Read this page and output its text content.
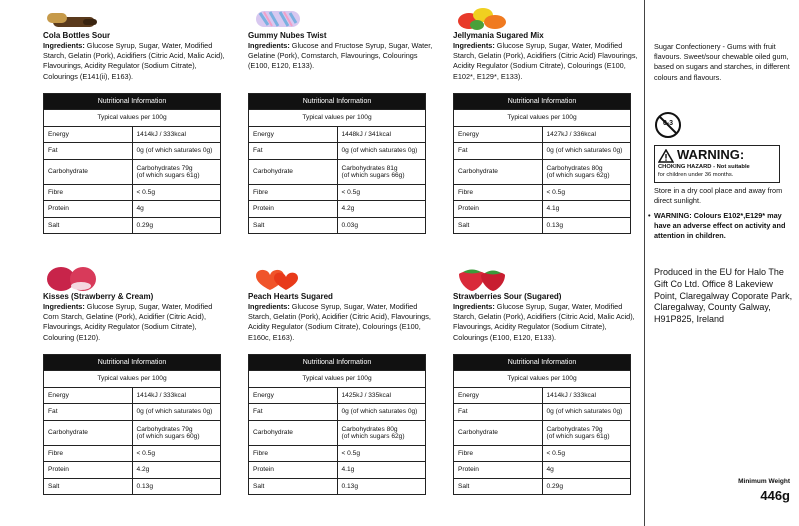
Cola Bottles Sour
Ingredients: Glucose Syrup, Sugar, Water, Modified Starch, Gelatin (Pork), Acidifiers (Citric Acid, Malic Acid), Flavourings, Acidity Regulator (Sodium Citrate), Colourings (E141(ii), E163).
Nutritional Information	
Typical values per 100g	
Energy	1414kJ / 333kcal
Fat	0g (of which saturates 0g)
Carbohydrate	Carbohydrates 79g
(of which sugars 61g)

Fibre	< 0.5g
Protein	4g
Salt	0.29g
Gummy Nubes Twist
Ingredients: Glucose and Fructose Syrup, Sugar, Water, Gelatine (Pork), Cornstarch, Flavourings, Colourings (E100, E120, E133).
Nutritional Information	
Typical values per 100g	
Energy	1448kJ / 341kcal
Fat	0g (of which saturates 0g)
Carbohydrate	Carbohydrates 81g
(of which sugars 66g)

Fibre	< 0.5g
Protein	4.2g
Salt	0.03g
Jellymania Sugared Mix
Ingredients: Glucose Syrup, Sugar, Water, Modified Starch, Gelatin (Pork), Acidifiers (Citric Acid) Flavourings, Acidity Regulator (Sodium Citrate), Colourings (E100, E102*, E129*, E133).
Nutritional Information	
Typical values per 100g	
Energy	1427kJ / 336kcal
Fat	0g (of which saturates 0g)
Carbohydrate	Carbohydrates 80g
(of which sugars 62g)

Fibre	< 0.5g
Protein	4.1g
Salt	0.13g
Kisses (Strawberry & Cream)
Ingredients: Glucose Syrup, Sugar, Water, Modified Corn Starch, Gelatine (Pork), Acidifier (Citric Acid), Flavourings, Acidity Regulator (Sodium Citrate), Colouring (E120).
Nutritional Information	
Typical values per 100g	
Energy	1414kJ / 333kcal
Fat	0g (of which saturates 0g)
Carbohydrate	Carbohydrates 79g
(of which sugars 60g)

Fibre	< 0.5g
Protein	4.2g
Salt	0.13g
Peach Hearts Sugared
Ingredients: Glucose Syrup, Sugar, Water, Modified Starch, Gelatin (Pork), Acidifier (Citric Acid), Flavourings, Acidity Regulator (Sodium Citrate), Colourings (E100, E160c, E163).
Nutritional Information	
Typical values per 100g	
Energy	1425kJ / 335kcal
Fat	0g (of which saturates 0g)
Carbohydrate	Carbohydrates 80g
(of which sugars 62g)

Fibre	< 0.5g
Protein	4.1g
Salt	0.13g
Strawberries Sour (Sugared)
Ingredients: Glucose Syrup, Sugar, Water, Modified Starch, Gelatin (Pork), Acidifiers (Citric Acid, Malic Acid), Flavourings, Acidity Regulator (Sodium Citrate), Colourings (E100, E120, E133).
Nutritional Information	
Typical values per 100g	
Energy	1414kJ / 333kcal
Fat	0g (of which saturates 0g)
Carbohydrate	Carbohydrates 79g
(of which sugars 61g)

Fibre	< 0.5g
Protein	4g
Salt	0.29g
Sugar Confectionery - Gums with fruit flavours. Sweet/sour chewable oiled gum, based on sugars and starches, in different colours and flavours.
0-3
WARNING:
CHOKING HAZARD - Not suitable
for children under 36 months.
Store in a dry cool place and away from direct sunlight.
• WARNING: Colours E102*,E129* may have an adverse effect on activity and attention in children.
Produced in the EU for Halo The Gift Co Ltd. Office 8 Lakeview Point, Claregalway Coporate Park, Claregalway, County Galway, H91P825, Ireland
Minimum Weight
446g
